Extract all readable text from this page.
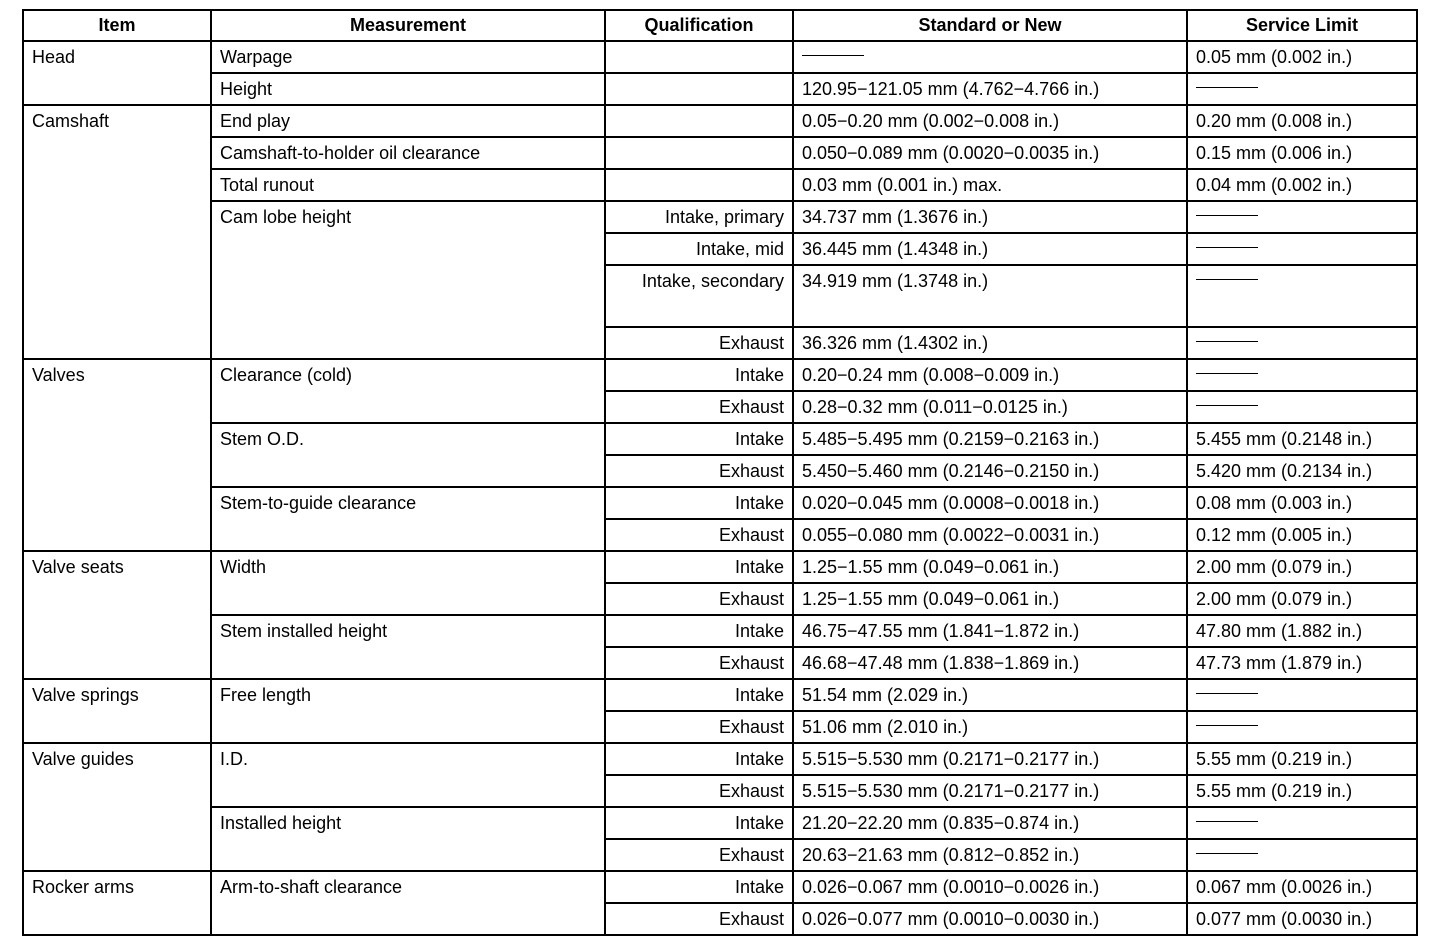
Item	Measurement	Qualification	Standard or New	Service Limit
Head	Warpage			0.05 mm (0.002 in.)
	Height		120.95−121.05 mm (4.762−4.766 in.)	
Camshaft	End play		0.05−0.20 mm (0.002−0.008 in.)	0.20 mm (0.008 in.)
	Camshaft-to-holder oil clearance		0.050−0.089 mm (0.0020−0.0035 in.)	0.15 mm (0.006 in.)
	Total runout		0.03 mm (0.001 in.) max.	0.04 mm (0.002 in.)
	Cam lobe height	Intake, primary	34.737 mm (1.3676 in.)	
		Intake, mid	36.445 mm (1.4348 in.)	
		Intake, secondary	34.919 mm (1.3748 in.)	
		Exhaust	36.326 mm (1.4302 in.)	
Valves	Clearance (cold)	Intake	0.20−0.24 mm (0.008−0.009 in.)	
		Exhaust	0.28−0.32 mm (0.011−0.0125 in.)	
	Stem O.D.	Intake	5.485−5.495 mm (0.2159−0.2163 in.)	5.455 mm (0.2148 in.)
		Exhaust	5.450−5.460 mm (0.2146−0.2150 in.)	5.420 mm (0.2134 in.)
	Stem-to-guide clearance	Intake	0.020−0.045 mm (0.0008−0.0018 in.)	0.08 mm (0.003 in.)
		Exhaust	0.055−0.080 mm (0.0022−0.0031 in.)	0.12 mm (0.005 in.)
Valve seats	Width	Intake	1.25−1.55 mm (0.049−0.061 in.)	2.00 mm (0.079 in.)
		Exhaust	1.25−1.55 mm (0.049−0.061 in.)	2.00 mm (0.079 in.)
	Stem installed height	Intake	46.75−47.55 mm (1.841−1.872 in.)	47.80 mm (1.882 in.)
		Exhaust	46.68−47.48 mm (1.838−1.869 in.)	47.73 mm (1.879 in.)
Valve springs	Free length	Intake	51.54 mm (2.029 in.)	
		Exhaust	51.06 mm (2.010 in.)	
Valve guides	I.D.	Intake	5.515−5.530 mm (0.2171−0.2177 in.)	5.55 mm (0.219 in.)
		Exhaust	5.515−5.530 mm (0.2171−0.2177 in.)	5.55 mm (0.219 in.)
	Installed height	Intake	21.20−22.20 mm (0.835−0.874 in.)	
		Exhaust	20.63−21.63 mm (0.812−0.852 in.)	
Rocker arms	Arm-to-shaft clearance	Intake	0.026−0.067 mm (0.0010−0.0026 in.)	0.067 mm (0.0026 in.)
		Exhaust	0.026−0.077 mm (0.0010−0.0030 in.)	0.077 mm (0.0030 in.)
